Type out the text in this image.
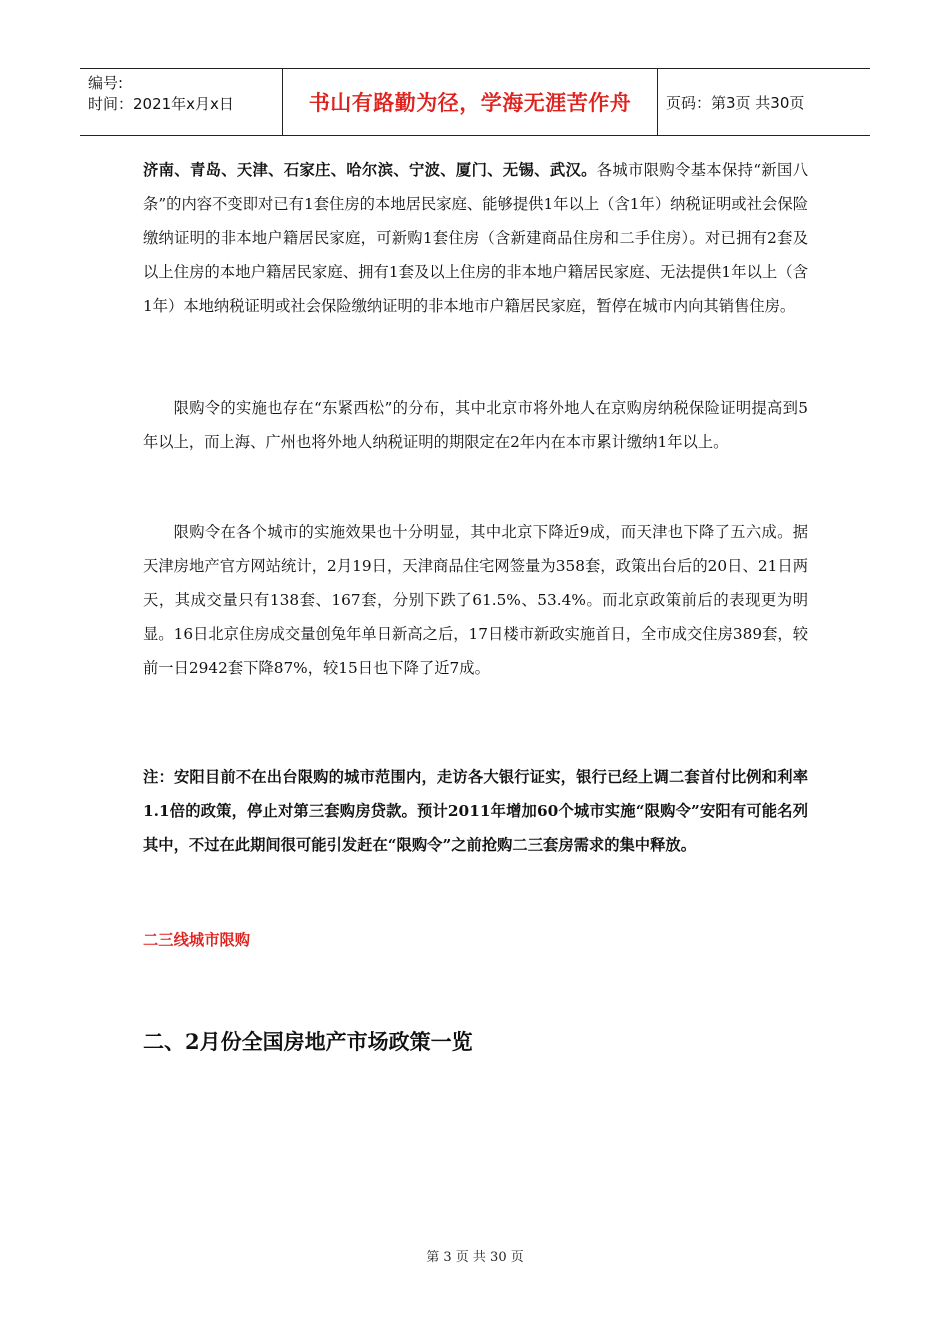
编号:
时间：2021年x月x日	书山有路勤为径，学海无涯苦作舟 页码：第3页 共30页

济南、青岛、天津、石家庄、哈尔滨、宁波、厦门、无锡、武汉。各城市限购令基本保持“新国八条”的内容不变即对已有1套住房的本地居民家庭、能够提供1年以上（含1年）纳税证明或社会保险缴纳证明的非本地户籍居民家庭，可新购1套住房（含新建商品住房和二手住房）。对已拥有2套及以上住房的本地户籍居民家庭、拥有1套及以上住房的非本地户籍居民家庭、无法提供1年以上（含1年）本地纳税证明或社会保险缴纳证明的非本地市户籍居民家庭，暂停在城市内向其销售住房。

限购令的实施也存在“东紧西松”的分布，其中北京市将外地人在京购房纳税保险证明提高到5年以上，而上海、广州也将外地人纳税证明的期限定在2年内在本市累计缴纳1年以上。

限购令在各个城市的实施效果也十分明显，其中北京下降近9成，而天津也下降了五六成。据天津房地产官方网站统计，2月19日，天津商品住宅网签量为358套，政策出台后的20日、21日两天，其成交量只有138套、167套，分别下跌了61.5%、53.4%。而北京政策前后的表现更为明显。16日北京住房成交量创兔年单日新高之后，17日楼市新政实施首日，全市成交住房389套，较前一日2942套下降87%，较15日也下降了近7成。

注：安阳目前不在出台限购的城市范围内，走访各大银行证实，银行已经上调二套首付比例和利率1.1倍的政策，停止对第三套购房贷款。预计2011年增加60个城市实施“限购令”安阳有可能名列其中，不过在此期间很可能引发赶在“限购令”之前抢购二三套房需求的集中释放。

二三线城市限购

二、2月份全国房地产市场政策一览

第 3 页 共 30 页
